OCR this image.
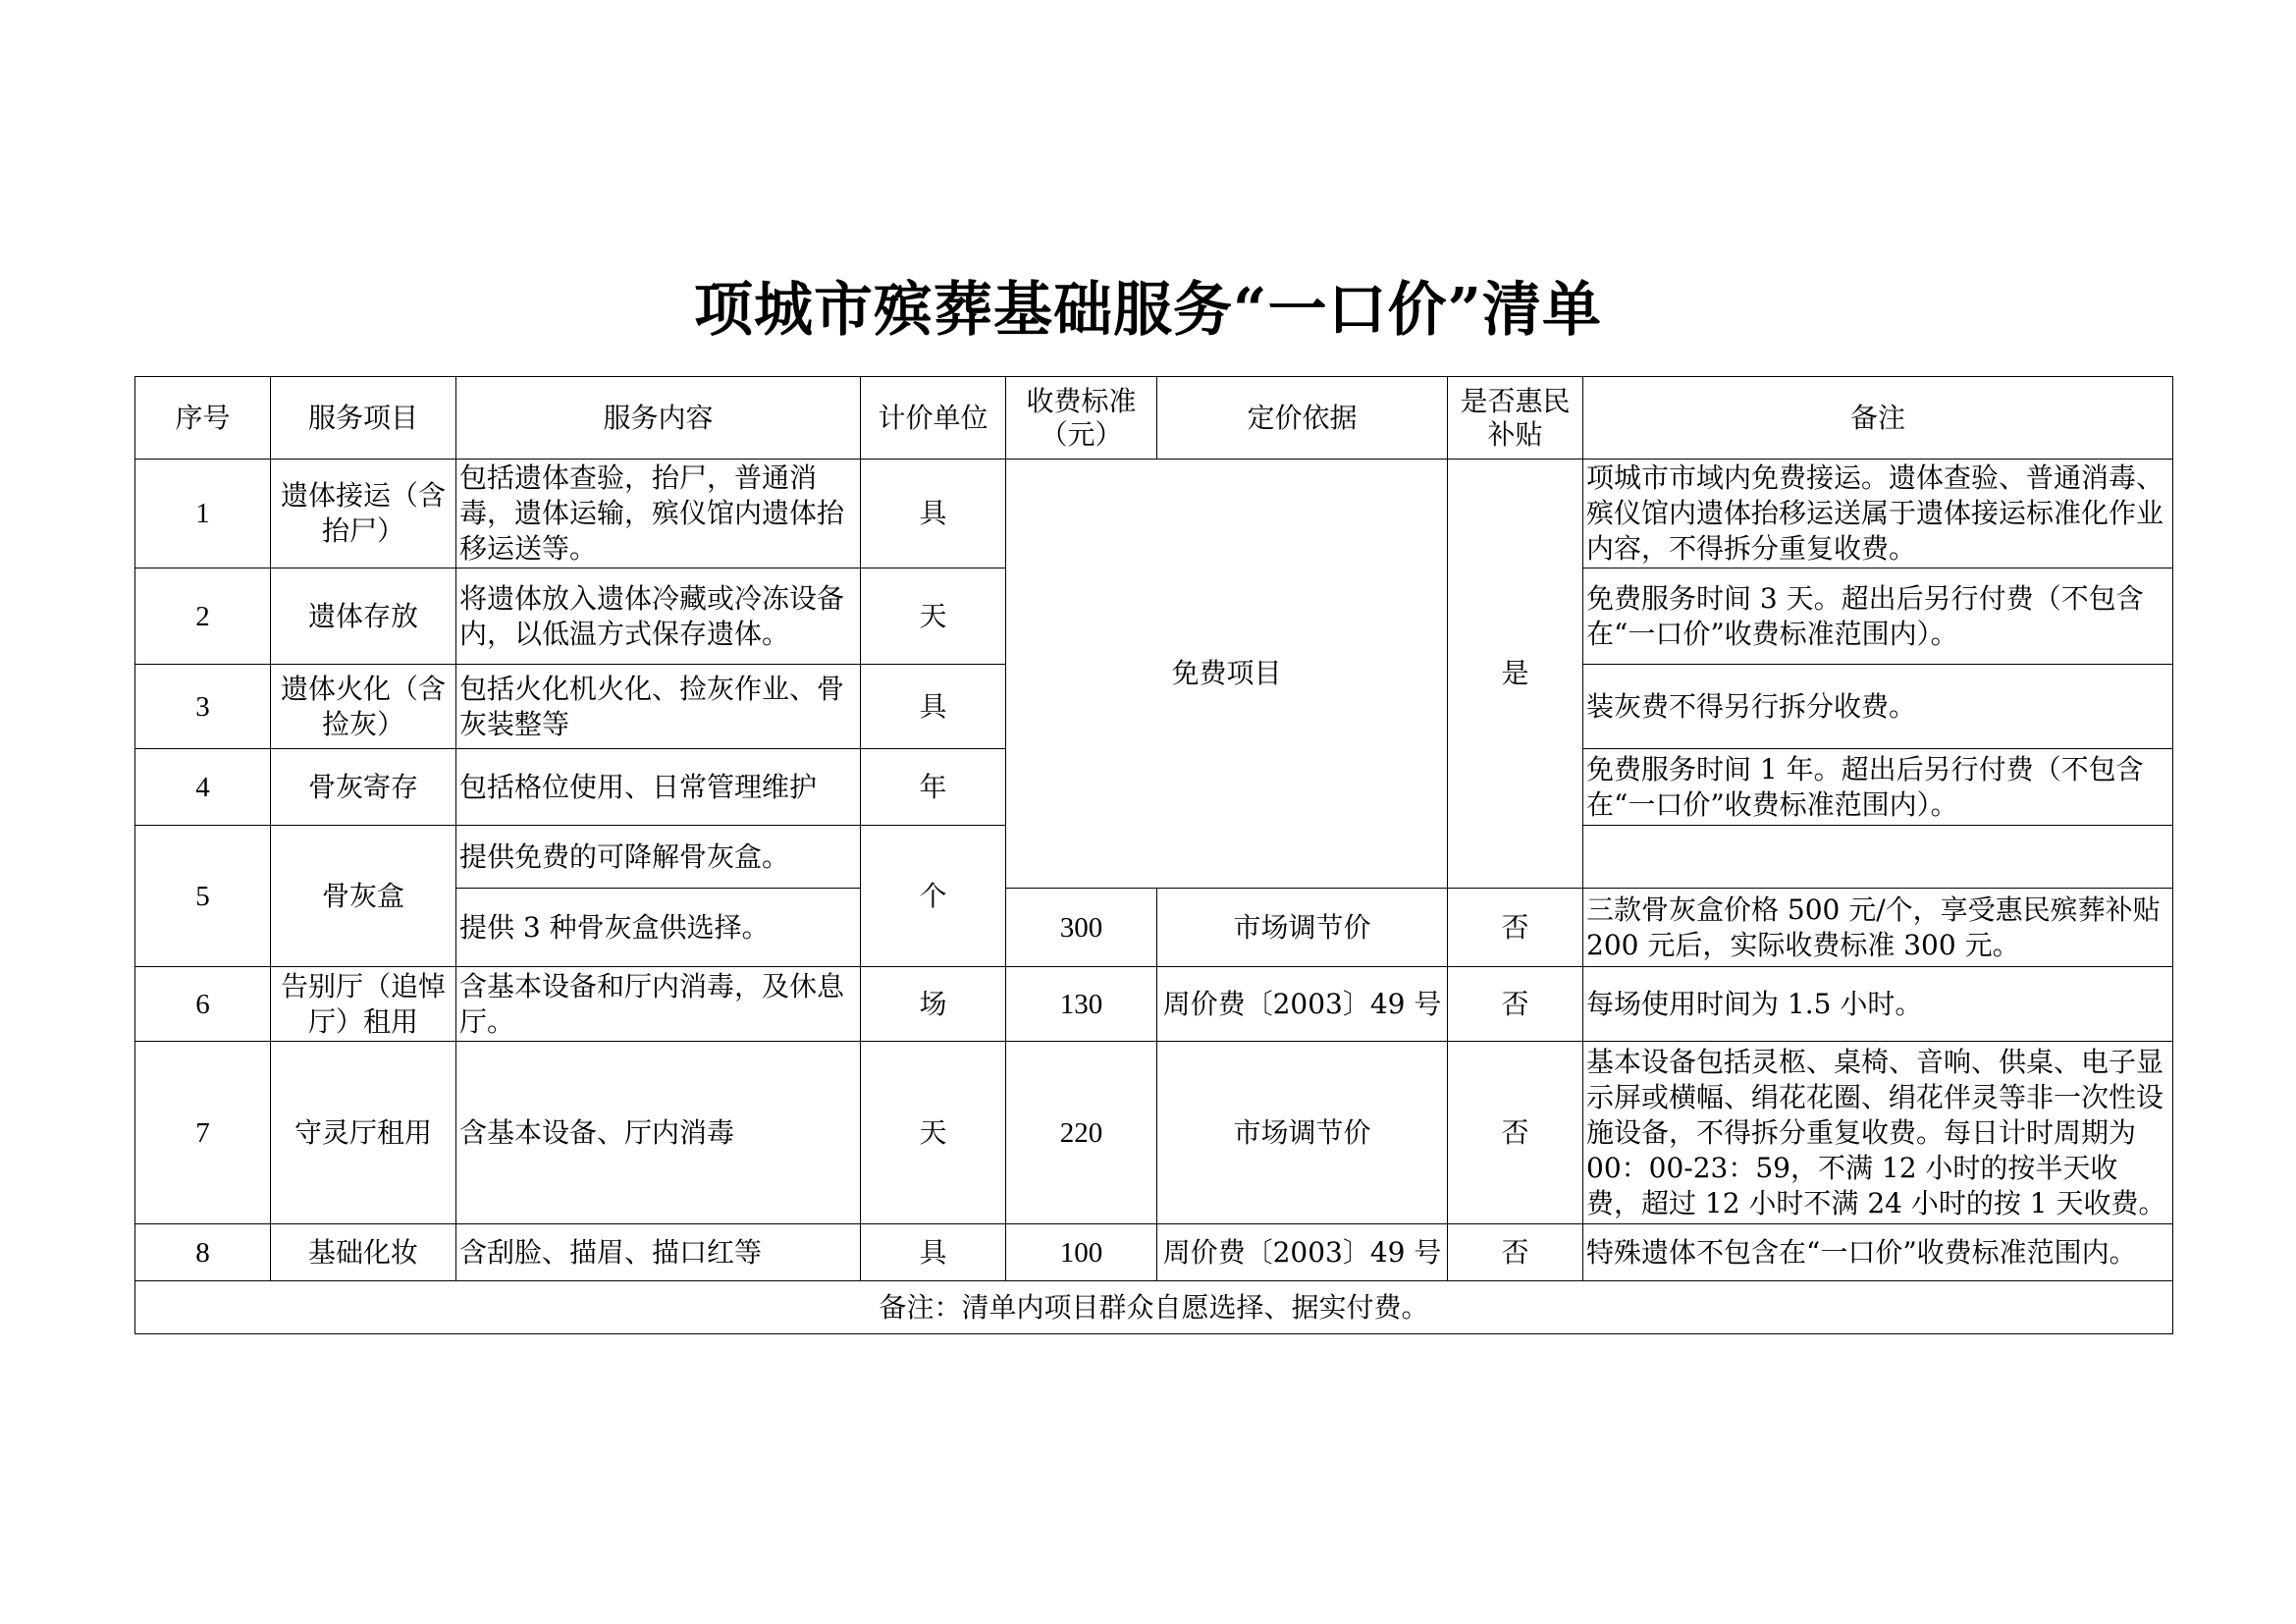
项城市殡葬基础服务“一口价”清单
序号	服务项目	服务内容	计价单位	收费标准（元）	定价依据	是否惠民补贴	备注
1	遗体接运（含抬尸）	包括遗体查验，抬尸，普通消毒，遗体运输，殡仪馆内遗体抬移运送等。	具	免费项目		是	项城市市域内免费接运。遗体查验、普通消毒、殡仪馆内遗体抬移运送属于遗体接运标准化作业内容，不得拆分重复收费。
2	遗体存放	将遗体放入遗体冷藏或冷冻设备内，以低温方式保存遗体。	天				免费服务时间 3 天。超出后另行付费（不包含在“一口价”收费标准范围内）。
3	遗体火化（含捡灰）	包括火化机火化、捡灰作业、骨灰装整等	具				装灰费不得另行拆分收费。
4	骨灰寄存	包括格位使用、日常管理维护	年				免费服务时间 1 年。超出后另行付费（不包含在“一口价”收费标准范围内）。
5	骨灰盒	提供免费的可降解骨灰盒。	个				
		提供 3 种骨灰盒供选择。		300	市场调节价	否	三款骨灰盒价格 500 元/个，享受惠民殡葬补贴 200 元后，实际收费标准 300 元。
6	告别厅（追悼厅）租用	含基本设备和厅内消毒，及休息厅。	场	130	周价费〔2003〕49 号	否	每场使用时间为 1.5 小时。
7	守灵厅租用	含基本设备、厅内消毒	天	220	市场调节价	否	基本设备包括灵柩、桌椅、音响、供桌、电子显示屏或横幅、绢花花圈、绢花伴灵等非一次性设施设备，不得拆分重复收费。每日计时周期为 00：00-23：59，不满 12 小时的按半天收费，超过 12 小时不满 24 小时的按 1 天收费。
8	基础化妆	含刮脸、描眉、描口红等	具	100	周价费〔2003〕49 号	否	特殊遗体不包含在“一口价”收费标准范围内。
备注：清单内项目群众自愿选择、据实付费。							
